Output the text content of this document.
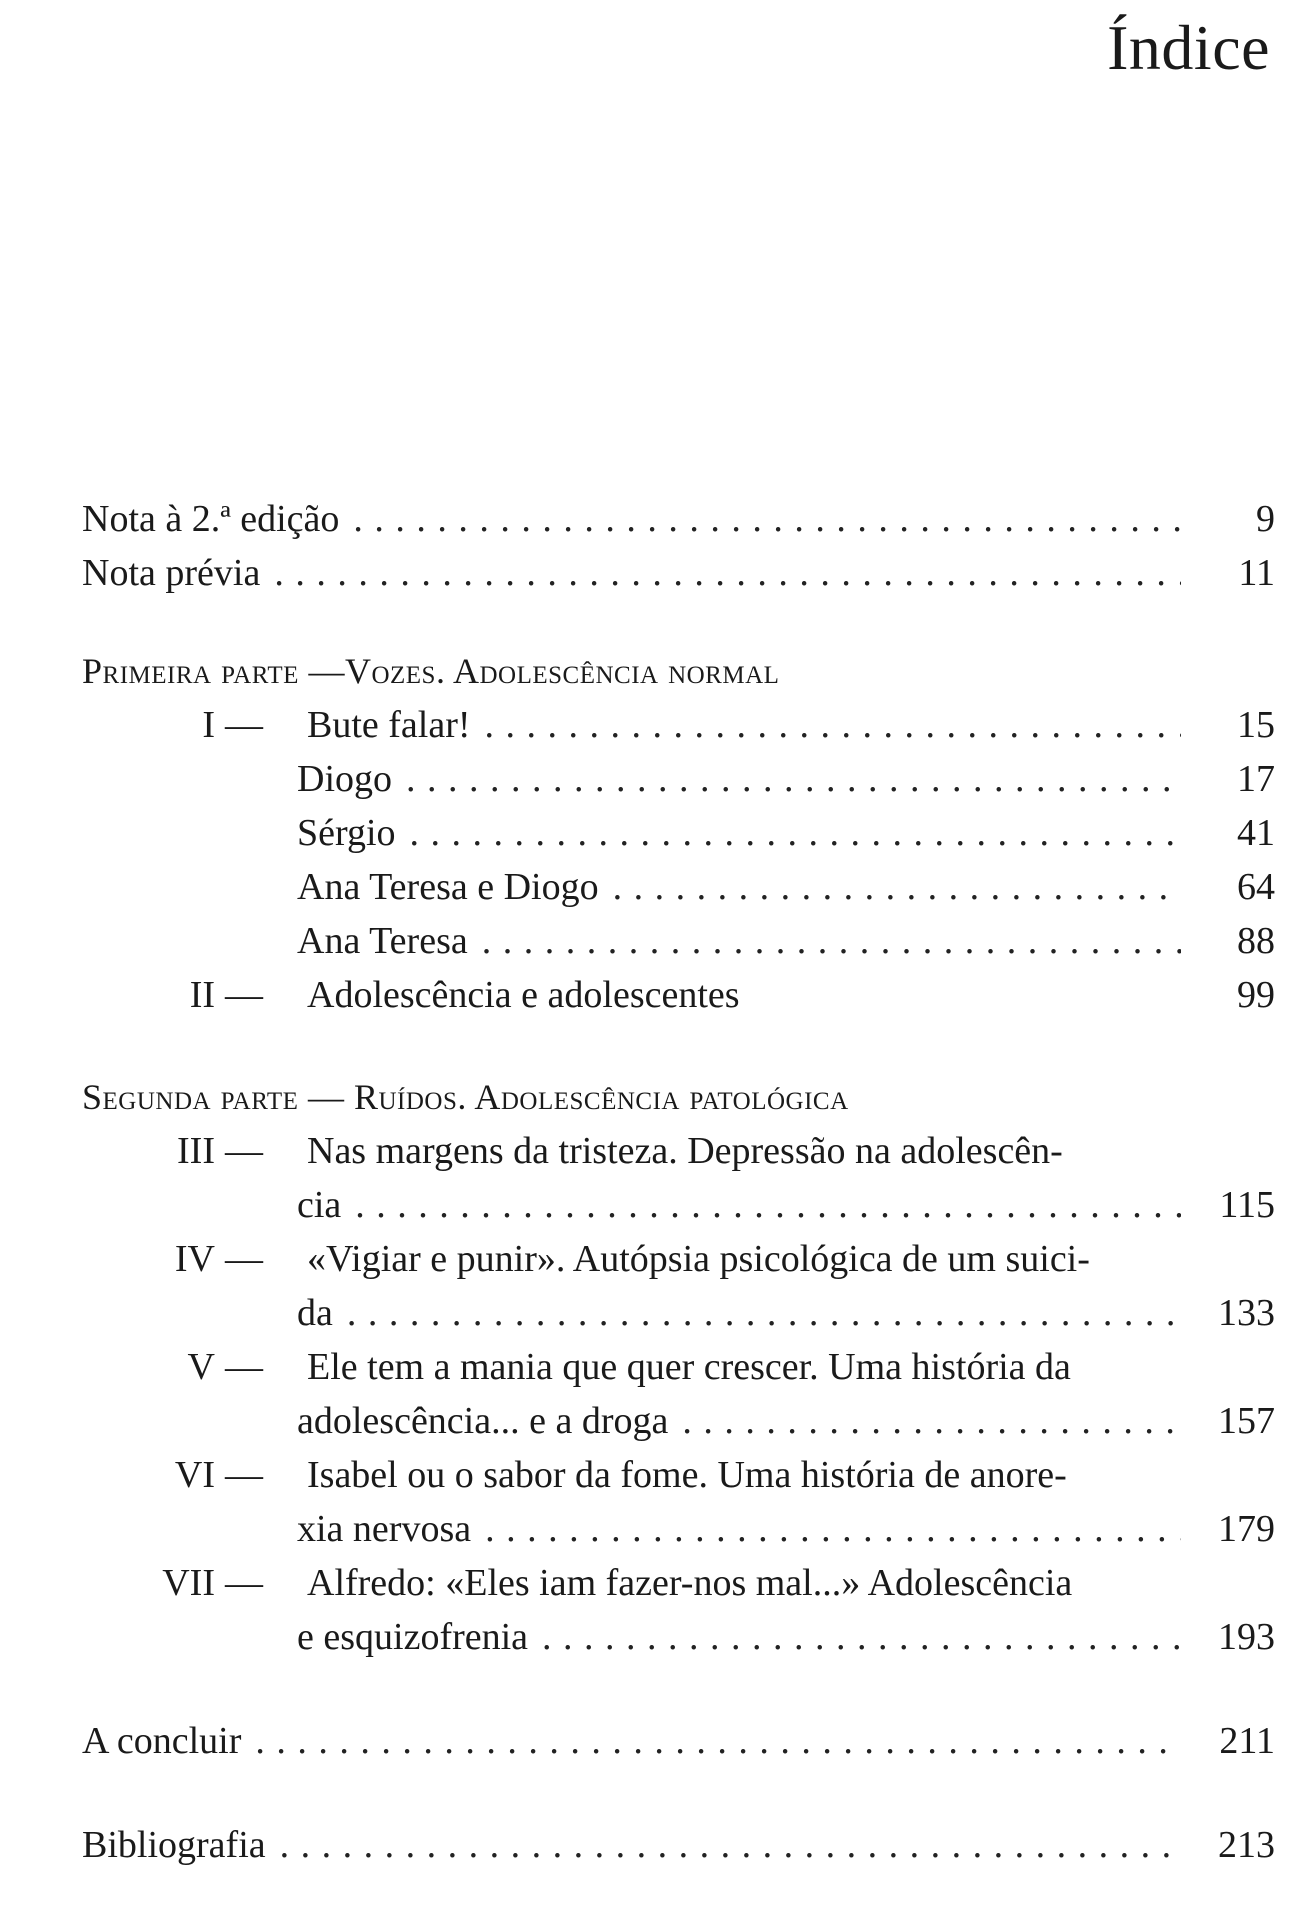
Índice
Nota à 2.ª edição . . .	9
Nota prévia . . .	11
Primeira parte —Vozes. Adolescência normal
I —	Bute falar! . . .	15
Diogo . . .	17
Sérgio . . .	41
Ana Teresa e Diogo . . .	64
Ana Teresa . . .	88
II —	Adolescência e adolescentes	99
Segunda parte — Ruídos. Adolescência patológica
III —	Nas margens da tristeza. Depressão na adolescên-
cia . . .	115
IV —	«Vigiar e punir». Autópsia psicológica de um suici-
da . . .	133
V —	Ele tem a mania que quer crescer. Uma história da
adolescência... e a droga . . .	157
VI —	Isabel ou o sabor da fome. Uma história de anore-
xia nervosa . . .	179
VII —	Alfredo: «Eles iam fazer-nos mal...» Adolescência
e esquizofrenia . . .	193
A concluir . . .	211
Bibliografia . . .	213
